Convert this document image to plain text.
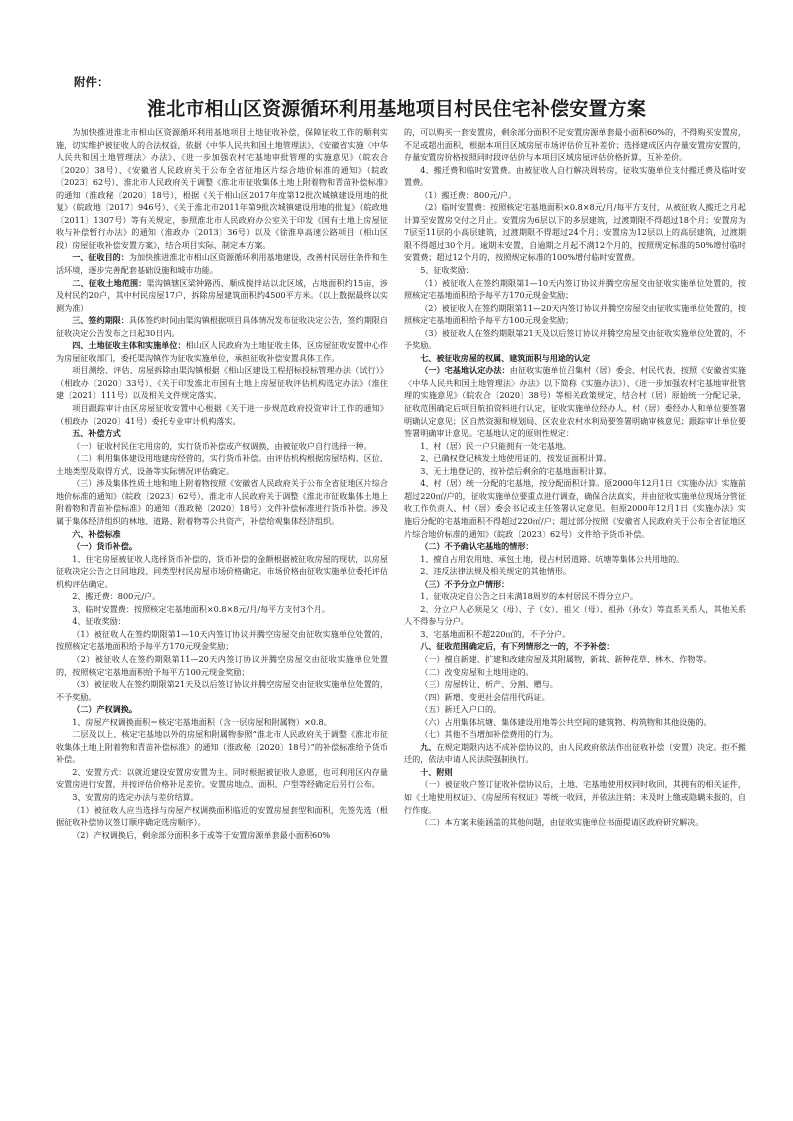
附件：
淮北市相山区资源循环利用基地项目村民住宅补偿安置方案

为加快推进淮北市相山区资源循环利用基地项目土地征收补偿，保障征收工作的顺利实施，切实维护被征收人的合法权益，依据《中华人民共和国土地管理法》、《安徽省实施〈中华人民共和国土地管理法〉办法》、《进一步加强农村宅基地审批管理的实施意见》（皖农合〔2020〕38号）、《安徽省人民政府关于公布全省征地区片综合地价标准的通知》（皖政〔2023〕62号）、淮北市人民政府关于调整《淮北市征收集体土地上附着物和青苗补偿标准》的通知（淮政秘〔2020〕18号），根据《关于相山区2017年度第12批次城镇建设用地的批复》（皖政地〔2017〕946号）、《关于淮北市2011年第9批次城镇建设用地的批复》（皖政地〔2011〕1307号）等有关规定，参照淮北市人民政府办公室关于印发《国有土地上房屋征收与补偿暂行办法》的通知（淮政办〔2013〕36号）以及《徐淮阜高速公路项目（相山区段）房屋征收补偿安置方案》，结合项目实际，制定本方案。

一、征收目的：为加快推进淮北市相山区资源循环利用基地建设，改善村民居住条件和生活环境，逐步完善配套基础设施和城市功能。

二、征收土地范围：渠沟镇辖区梁钟路西、顺成搅拌站以北区域，占地面积约15亩，涉及村民约20户，其中村民房屋17户，拆除房屋建筑面积约4500平方米。（以上数据最终以实测为准）

三、签约期限：具体签约时间由渠沟镇根据项目具体情况发布征收决定公告，签约期限自征收决定公告发布之日起30日内。

四、土地征收主体和实施单位：相山区人民政府为土地征收主体，区房屋征收安置中心作为房屋征收部门，委托渠沟镇作为征收实施单位，承担征收补偿安置具体工作。

项目测绘、评估、房屋拆除由渠沟镇根据《相山区建设工程招标投标管理办法（试行）》（相政办〔2020〕33号）、《关于印发淮北市国有土地上房屋征收评估机构选定办法》（淮住建〔2021〕111号）以及相关文件规定落实。

项目跟踪审计由区房屋征收安置中心根据《关于进一步规范政府投资审计工作的通知》（相政办〔2020〕41号）委托专业审计机构落实。

五、补偿方式

（一）征收村民住宅用房的，实行货币补偿或产权调换，由被征收户自行选择一种。

（二）利用集体建设用地建房经营的，实行货币补偿。由评估机构根据房屋结构、区位、土地类型及取得方式、设备等实际情况评估确定。

（三）涉及集体性质土地和地上附着物按照《安徽省人民政府关于公布全省征地区片综合地价标准的通知》（皖政〔2023〕62号）、淮北市人民政府关于调整《淮北市征收集体土地上附着物和青苗补偿标准》的通知（淮政秘〔2020〕18号）文件补偿标准进行货币补偿。涉及属于集体经济组织的林地、道路、附着物等公共资产，补偿给观集体经济组织。

六、补偿标准

（一）货币补偿。

1、住宅房屋被征收人选择货币补偿的，货币补偿的金额根据被征收房屋的现状，以房屋征收决定公告之日同地段、同类型村民房屋市场价格确定。市场价格由征收实施单位委托评估机构评估确定。

2、搬迁费：800元/户。

3、临时安置费：按照核定宅基地面积×0.8×8元/月/每平方支付3个月。

4、征收奖励：

（1）被征收人在签约期限第1—10天内签订协议并腾空房屋交由征收实施单位处置的，按照核定宅基地面积给予每平方170元现金奖励；

（2）被征收人在签约期限第11—20天内签订协议并腾空房屋交由征收实施单位处置的，按照核定宅基地面积给予每平方100元现金奖励；

（3）被征收人在签约期限第21天及以后签订协议并腾空房屋交由征收实施单位处置的，不予奖励。

（二）产权调换。

1、房屋产权调换面积＝核定宅基地面积（含一层房屋和附属物）×0.8。

二层及以上、核定宅基地以外的房屋和附属物参照“淮北市人民政府关于调整《淮北市征收集体土地上附着物和青苗补偿标准》的通知（淮政秘〔2020〕18号）”的补偿标准给予货币补偿。

2、安置方式：以就近建设安置房安置为主。同时根据被征收人意愿，也可利用区内存量安置房进行安置，并按评估价格补足差价。安置房地点、面积、户型等经确定后另行公布。

3、安置房的选定办法与差价结算。

（1）被征收人应当选择与房屋产权调换面积临近的安置房屋套型和面积，先签先选（根据征收补偿协议签订顺序确定选房顺序）。

（2）产权调换后，剩余部分面积多于或等于安置房源单套最小面积60%

的，可以购买一套安置房，剩余部分面积不足安置房源单套最小面积60%的，不得购买安置房，不足或超出面积，根据本项目区域房屋市场评估价互补差价；选择建成区内存量安置房安置的，存量安置房价格按照同时段评估价与本项目区域房屋评估价格折算，互补差价。

4、搬迁费和临时安置费。由被征收人自行解决周转房，征收实施单位支付搬迁费及临时安置费。

（1）搬迁费：800元/户。

（2）临时安置费：按照核定宅基地面积×0.8×8元/月/每平方支付，从被征收人搬迁之月起计算至安置房交付之月止。安置房为6层以下的多层建筑，过渡期限不得超过18个月；安置房为7层至11层的小高层建筑，过渡期限不得超过24个月；安置房为12层以上的高层建筑，过渡期限不得超过30个月。逾期未安置，自逾期之月起不满12个月的，按照规定标准的50%增付临时安置费；超过12个月的，按照规定标准的100%增付临时安置费。

5、征收奖励：

（1）被征收人在签约期限第1—10天内签订协议并腾空房屋交由征收实施单位处置的，按照核定宅基地面积给予每平方170元现金奖励；

（2）被征收人在签约期限第11—20天内签订协议并腾空房屋交由征收实施单位处置的，按照核定宅基地面积给予每平方100元现金奖励；

（3）被征收人在签约期限第21天及以后签订协议并腾空房屋交由征收实施单位处置的，不予奖励。

七、被征收房屋的权属、建筑面积与用途的认定

（一）宅基地认定办法：由征收实施单位召集村（居）委会、村民代表，按照《安徽省实施〈中华人民共和国土地管理法〉办法》以下简称《实施办法》）、《进一步加强农村宅基地审批管理的实施意见》（皖农合〔2020〕38号）等相关政策规定，结合村（居）原始统一分配记录、征收范围确定后项目航拍资料进行认定，征收实施单位经办人、村（居）委经办人和单位要签署明确认定意见；区自然资源和规划局、区农业农村水利局要签署明确审核意见；跟踪审计单位要签署明确审计意见。宅基地认定的原则性规定：

1、村（居）民一户只能拥有一处宅基地。

2、已确权登记核发土地使用证的，按发证面积计算。

3、无土地登记的，按补偿后剩余的宅基地面积计算。

4、村（居）统一分配的宅基地，按分配面积计算。原2000年12月1日《实施办法》实施前超过220㎡/户的，征收实施单位要重点进行调查，确保合法真实，并由征收实施单位现场分管征收工作负责人、村（居）委会书记或主任签署认定意见。但原2000年12月1日《实施办法》实施后分配的宅基地面积不得超过220㎡/户；超过部分按照《安徽省人民政府关于公布全省征地区片综合地价标准的通知》（皖政〔2023〕62号）文件给予货币补偿。

（二）不予确认宅基地的情形：

1、擅自占用农用地、承包土地，侵占村居道路、坑塘等集体公共用地的。

2、违反法律法规及相关规定的其他情形。

（三）不予分立户情形：

1、征收决定自公告之日未满18周岁的本村居民不得分立户。

2、分立户人必须是父（母）、子（女）、祖父（母）、祖孙（孙女）等直系关系人，其他关系人不得参与分户。

3、宅基地面积不超220㎡的，不予分户。

八、征收范围确定后，有下列情形之一的，不予补偿：

（一）擅自新建、扩建和改建房屋及其附属物，新栽、新种花草、林木、作物等。

（二）改变房屋和土地用途的。

（三）房屋转让、析产、分割、赠与。

（四）新增、变更社会信用代码证。

（五）新迁入户口的。

（六）占用集体坑塘、集体建设用地等公共空间的建筑物、构筑物和其他设施的。

（七）其他不当增加补偿费用的行为。

九、在规定期限内达不成补偿协议的，由人民政府依法作出征收补偿（安置）决定。拒不搬迁的，依法申请人民法院强制执行。

十、附则

（一）被征收户签订征收补偿协议后，土地、宅基地使用权同时收回，其拥有的相关证件，如《土地使用权证》、《房屋所有权证》等统一收回，并依法注销；未及时上缴或隐瞒未报的，自行作废。

（二）本方案未能涵盖的其他问题，由征收实施单位书面提请区政府研究解决。
